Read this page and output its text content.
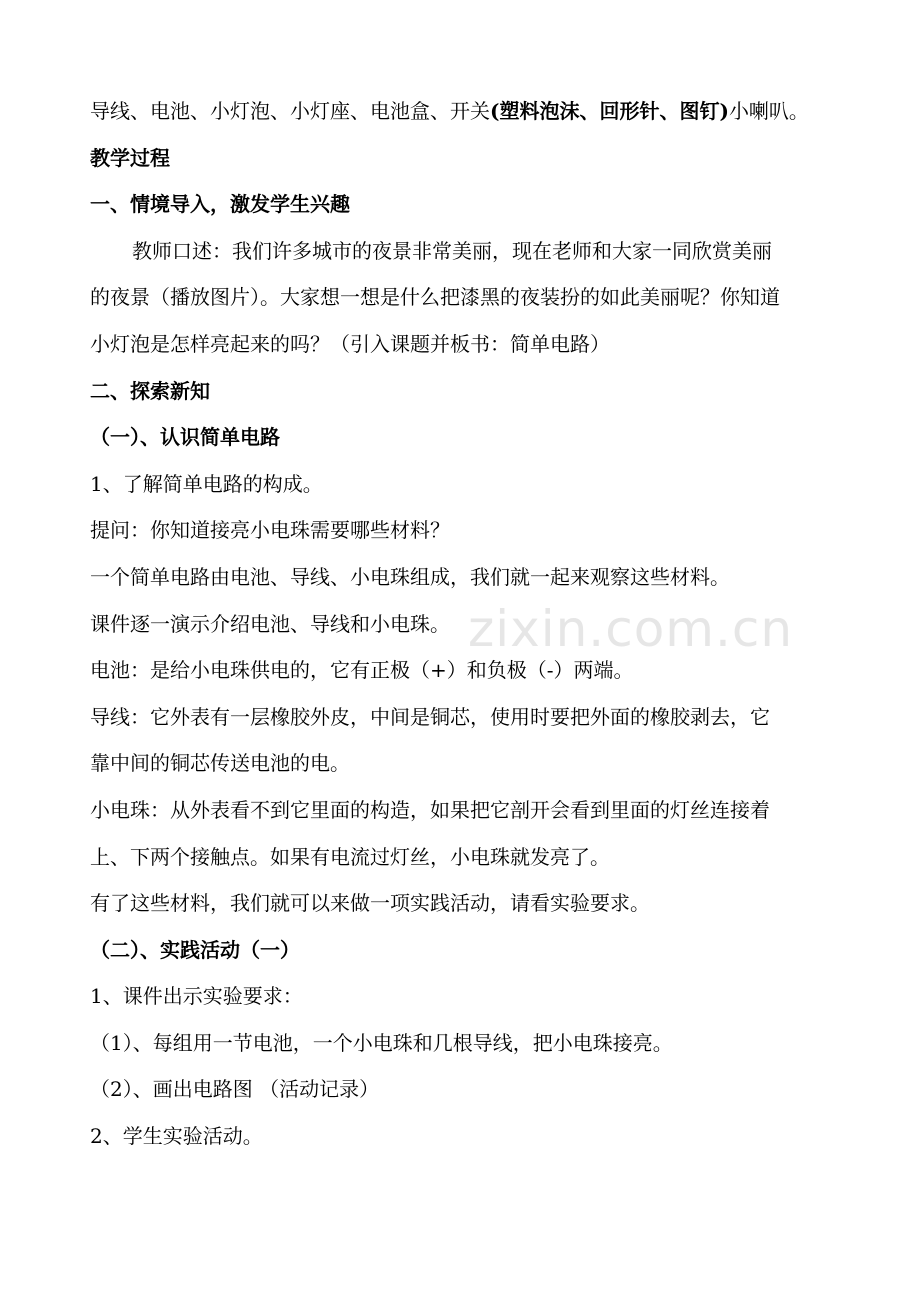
zixin.com.cn
导线、电池、小灯泡、小灯座、电池盒、开关(塑料泡沫、回形针、图钉)小喇叭。
教学过程
一、情境导入，激发学生兴趣
教师口述：我们许多城市的夜景非常美丽，现在老师和大家一同欣赏美丽
的夜景（播放图片）。大家想一想是什么把漆黑的夜装扮的如此美丽呢？你知道
小灯泡是怎样亮起来的吗？（引入课题并板书：简单电路）
二、探索新知
（一）、认识简单电路
1、了解简单电路的构成。
提问：你知道接亮小电珠需要哪些材料？
一个简单电路由电池、导线、小电珠组成，我们就一起来观察这些材料。
课件逐一演示介绍电池、导线和小电珠。
电池：是给小电珠供电的，它有正极（+）和负极（-）两端。
导线：它外表有一层橡胶外皮，中间是铜芯，使用时要把外面的橡胶剥去，它
靠中间的铜芯传送电池的电。
小电珠：从外表看不到它里面的构造，如果把它剖开会看到里面的灯丝连接着
上、下两个接触点。如果有电流过灯丝，小电珠就发亮了。
有了这些材料，我们就可以来做一项实践活动，请看实验要求。
（二）、实践活动（一）
1、课件出示实验要求：
（1）、每组用一节电池，一个小电珠和几根导线，把小电珠接亮。
（2）、画出电路图 （活动记录）
2、学生实验活动。
